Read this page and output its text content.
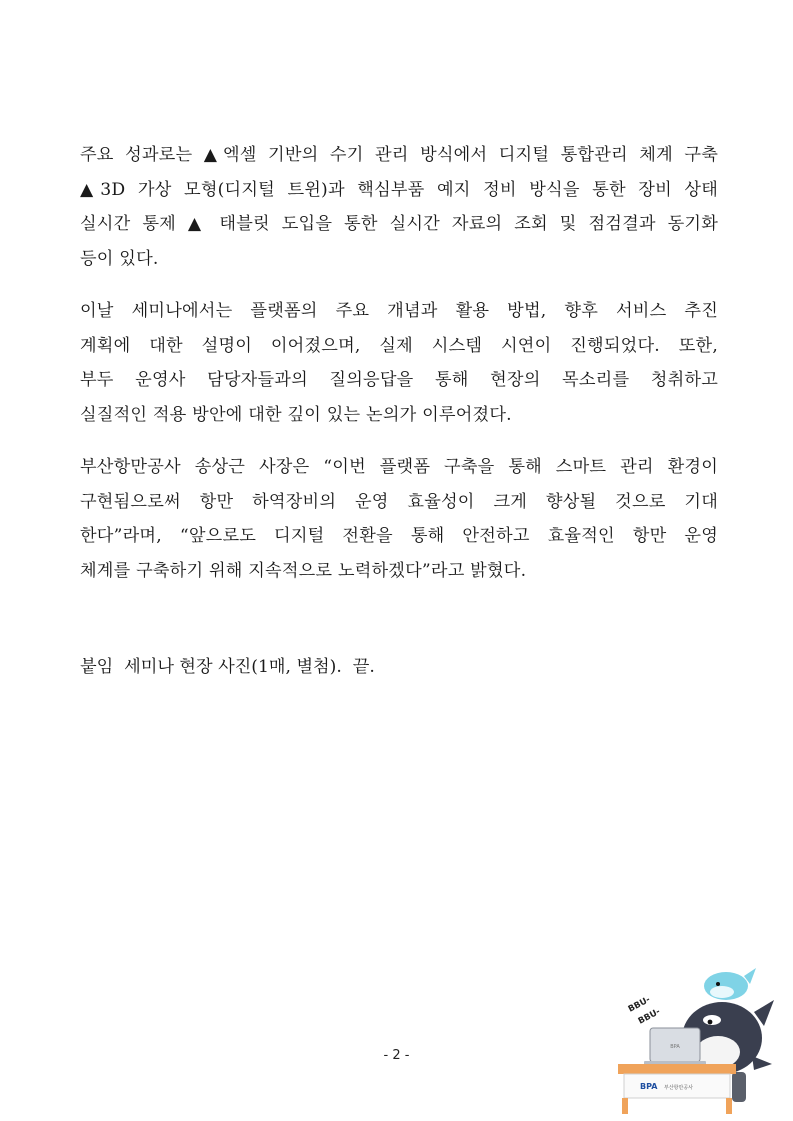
주요 성과로는 ▲엑셀 기반의 수기 관리 방식에서 디지털 통합관리 체계 구축
▲3D 가상 모형(디지털 트윈)과 핵심부품 예지 정비 방식을 통한 장비 상태
실시간 통제 ▲ 태블릿 도입을 통한 실시간 자료의 조회 및 점검결과 동기화
등이 있다.
이날 세미나에서는 플랫폼의 주요 개념과 활용 방법, 향후 서비스 추진
계획에 대한 설명이 이어졌으며, 실제 시스템 시연이 진행되었다. 또한,
부두 운영사 담당자들과의 질의응답을 통해 현장의 목소리를 청취하고
실질적인 적용 방안에 대한 깊이 있는 논의가 이루어졌다.
부산항만공사 송상근 사장은 “이번 플랫폼 구축을 통해 스마트 관리 환경이
구현됨으로써 항만 하역장비의 운영 효율성이 크게 향상될 것으로 기대
한다”라며, “앞으로도 디지털 전환을 통해 안전하고 효율적인 항만 운영
체계를 구축하기 위해 지속적으로 노력하겠다”라고 밝혔다.
붙임  세미나 현장 사진(1매, 별첨).  끝.
- 2 -
BBU-
BBU-
BPA
BPA 부산항만공사
